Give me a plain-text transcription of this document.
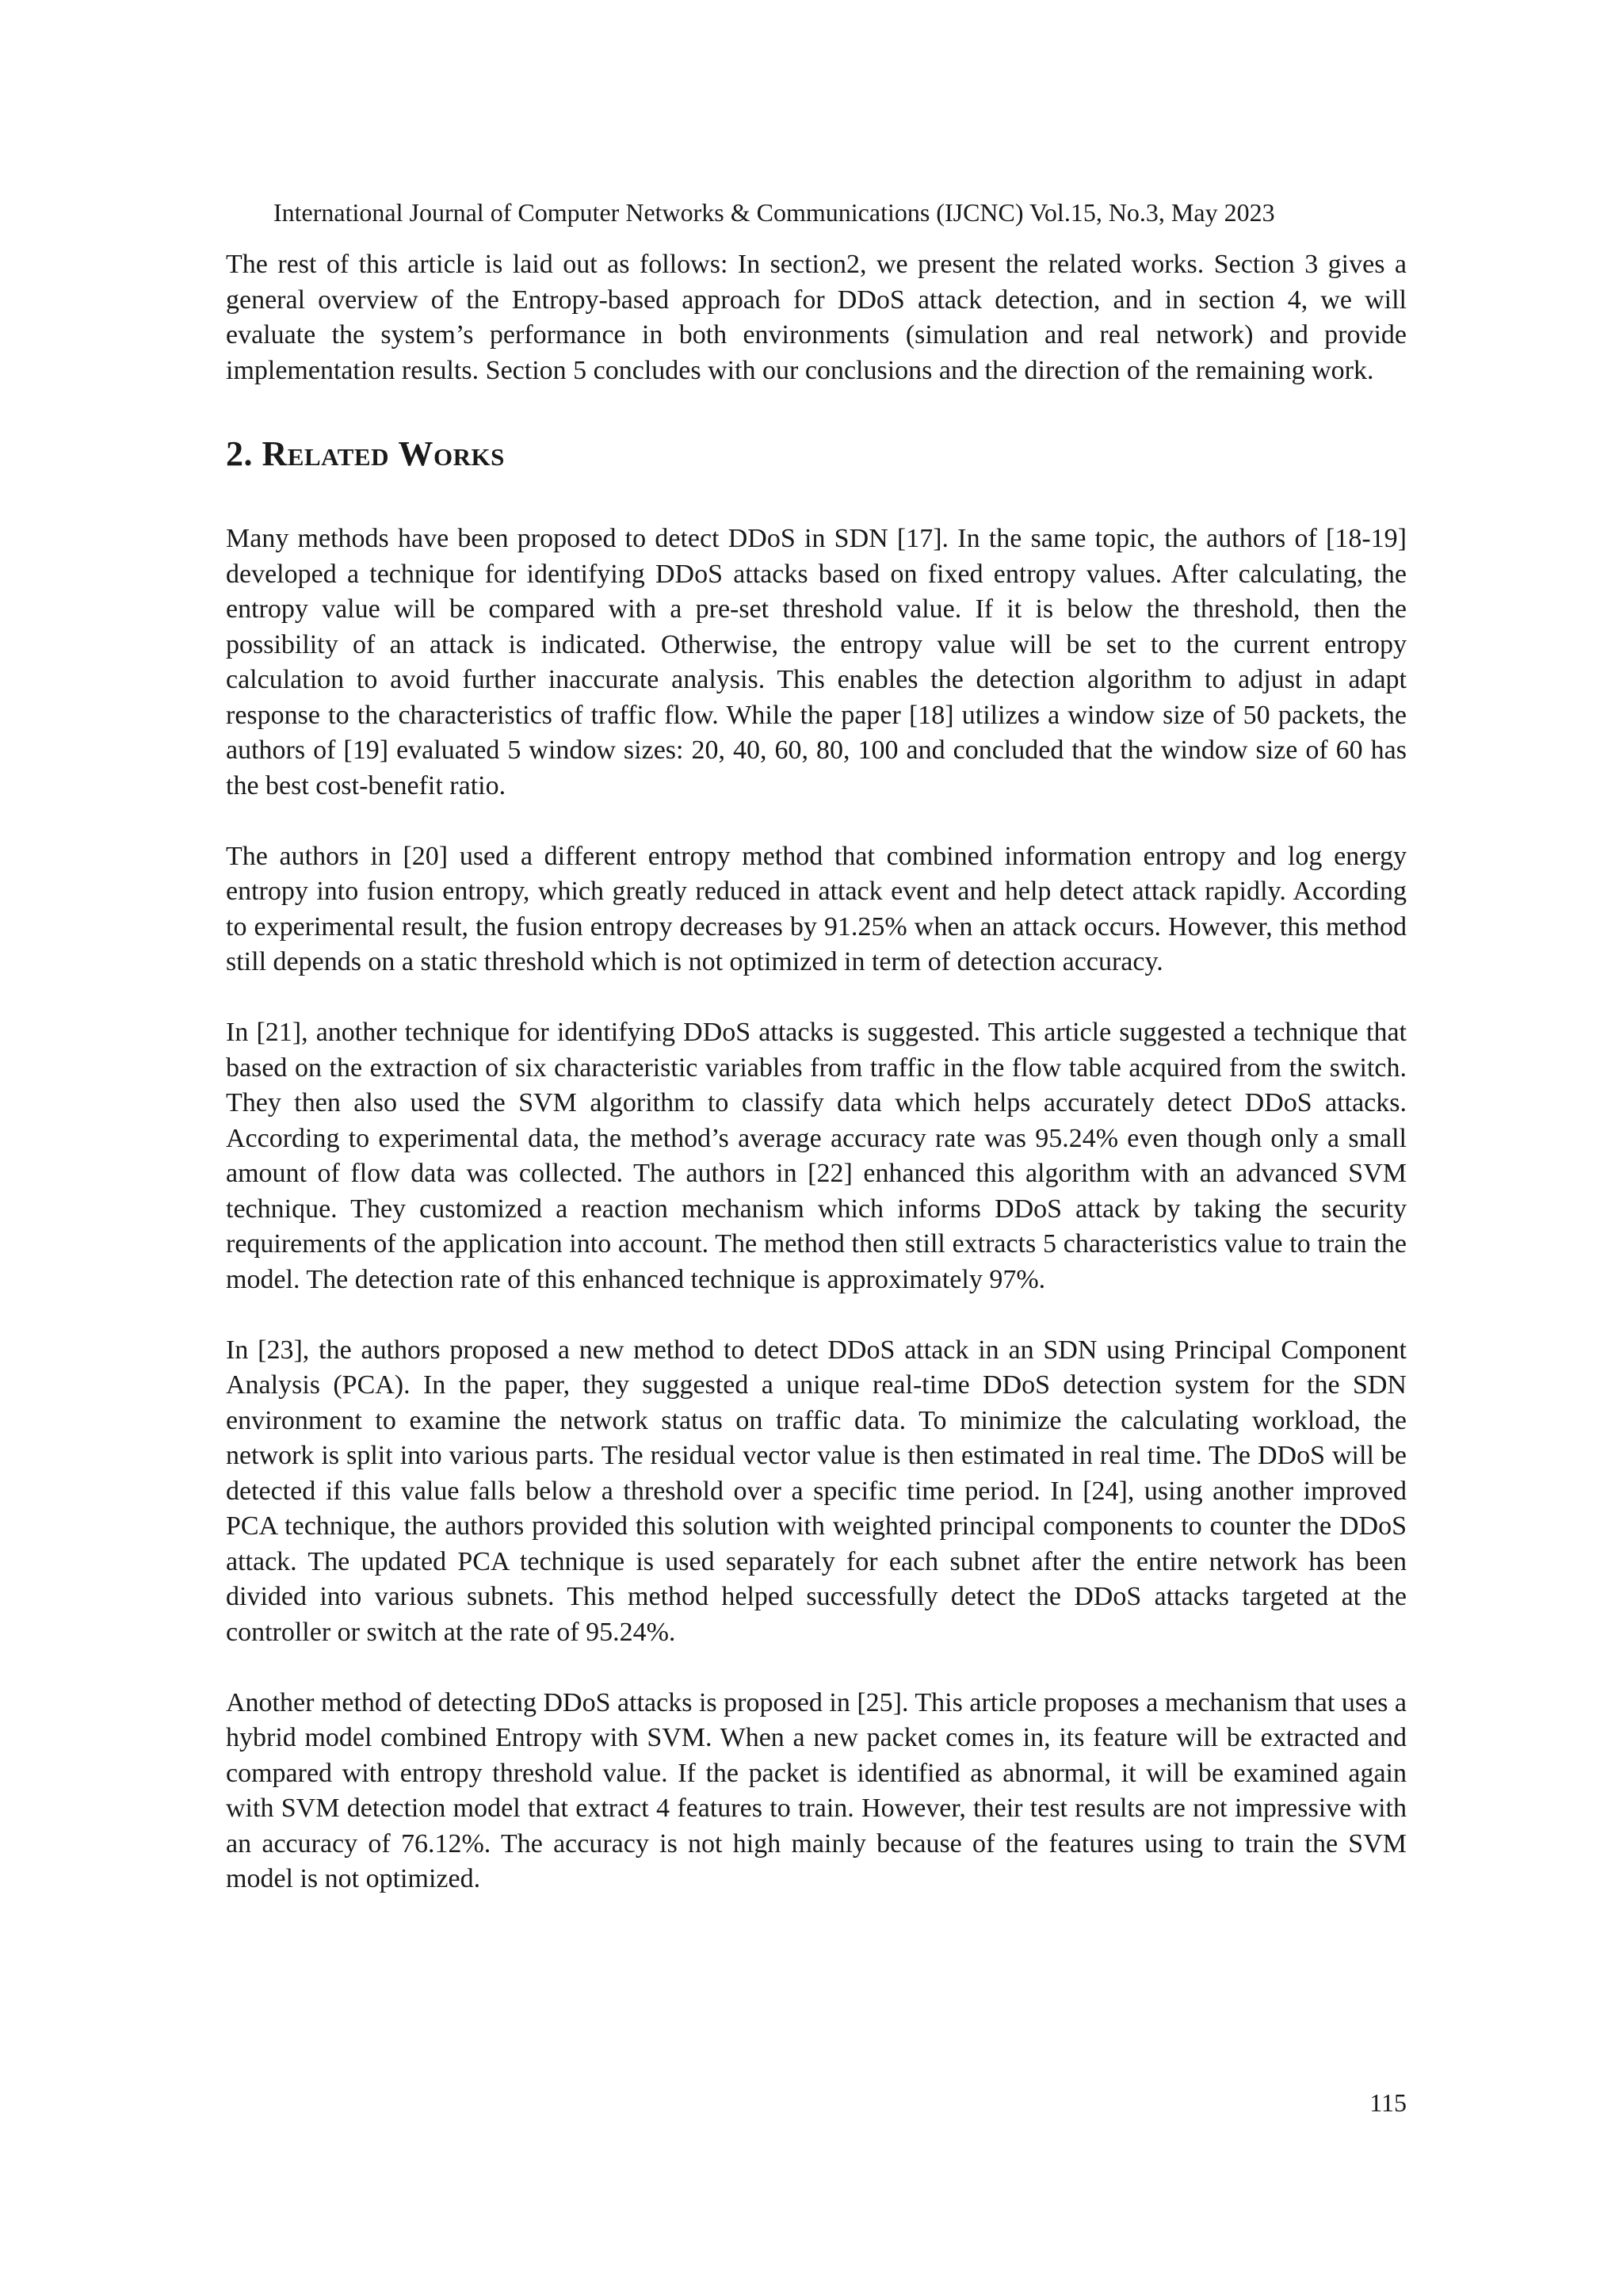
International Journal of Computer Networks & Communications (IJCNC) Vol.15, No.3, May 2023

The rest of this article is laid out as follows: In section2, we present the related works. Section 3 gives a general overview of the Entropy-based approach for DDoS attack detection, and in section 4, we will evaluate the system’s performance in both environments (simulation and real network) and provide implementation results. Section 5 concludes with our conclusions and the direction of the remaining work.

2. Related Works

Many methods have been proposed to detect DDoS in SDN [17]. In the same topic, the authors of [18-19] developed a technique for identifying DDoS attacks based on fixed entropy values. After calculating, the entropy value will be compared with a pre-set threshold value. If it is below the threshold, then the possibility of an attack is indicated. Otherwise, the entropy value will be set to the current entropy calculation to avoid further inaccurate analysis. This enables the detection algorithm to adjust in adapt response to the characteristics of traffic flow. While the paper [18] utilizes a window size of 50 packets, the authors of [19] evaluated 5 window sizes: 20, 40, 60, 80, 100 and concluded that the window size of 60 has the best cost-benefit ratio.

The authors in [20] used a different entropy method that combined information entropy and log energy entropy into fusion entropy, which greatly reduced in attack event and help detect attack rapidly. According to experimental result, the fusion entropy decreases by 91.25% when an attack occurs. However, this method still depends on a static threshold which is not optimized in term of detection accuracy.

In [21], another technique for identifying DDoS attacks is suggested. This article suggested a technique that based on the extraction of six characteristic variables from traffic in the flow table acquired from the switch. They then also used the SVM algorithm to classify data which helps accurately detect DDoS attacks. According to experimental data, the method’s average accuracy rate was 95.24% even though only a small amount of flow data was collected. The authors in [22] enhanced this algorithm with an advanced SVM technique. They customized a reaction mechanism which informs DDoS attack by taking the security requirements of the application into account. The method then still extracts 5 characteristics value to train the model. The detection rate of this enhanced technique is approximately 97%.

In [23], the authors proposed a new method to detect DDoS attack in an SDN using Principal Component Analysis (PCA). In the paper, they suggested a unique real-time DDoS detection system for the SDN environment to examine the network status on traffic data. To minimize the calculating workload, the network is split into various parts. The residual vector value is then estimated in real time. The DDoS will be detected if this value falls below a threshold over a specific time period. In [24], using another improved PCA technique, the authors provided this solution with weighted principal components to counter the DDoS attack. The updated PCA technique is used separately for each subnet after the entire network has been divided into various subnets. This method helped successfully detect the DDoS attacks targeted at the controller or switch at the rate of 95.24%.

Another method of detecting DDoS attacks is proposed in [25]. This article proposes a mechanism that uses a hybrid model combined Entropy with SVM. When a new packet comes in, its feature will be extracted and compared with entropy threshold value. If the packet is identified as abnormal, it will be examined again with SVM detection model that extract 4 features to train. However, their test results are not impressive with an accuracy of 76.12%. The accuracy is not high mainly because of the features using to train the SVM model is not optimized.

115
